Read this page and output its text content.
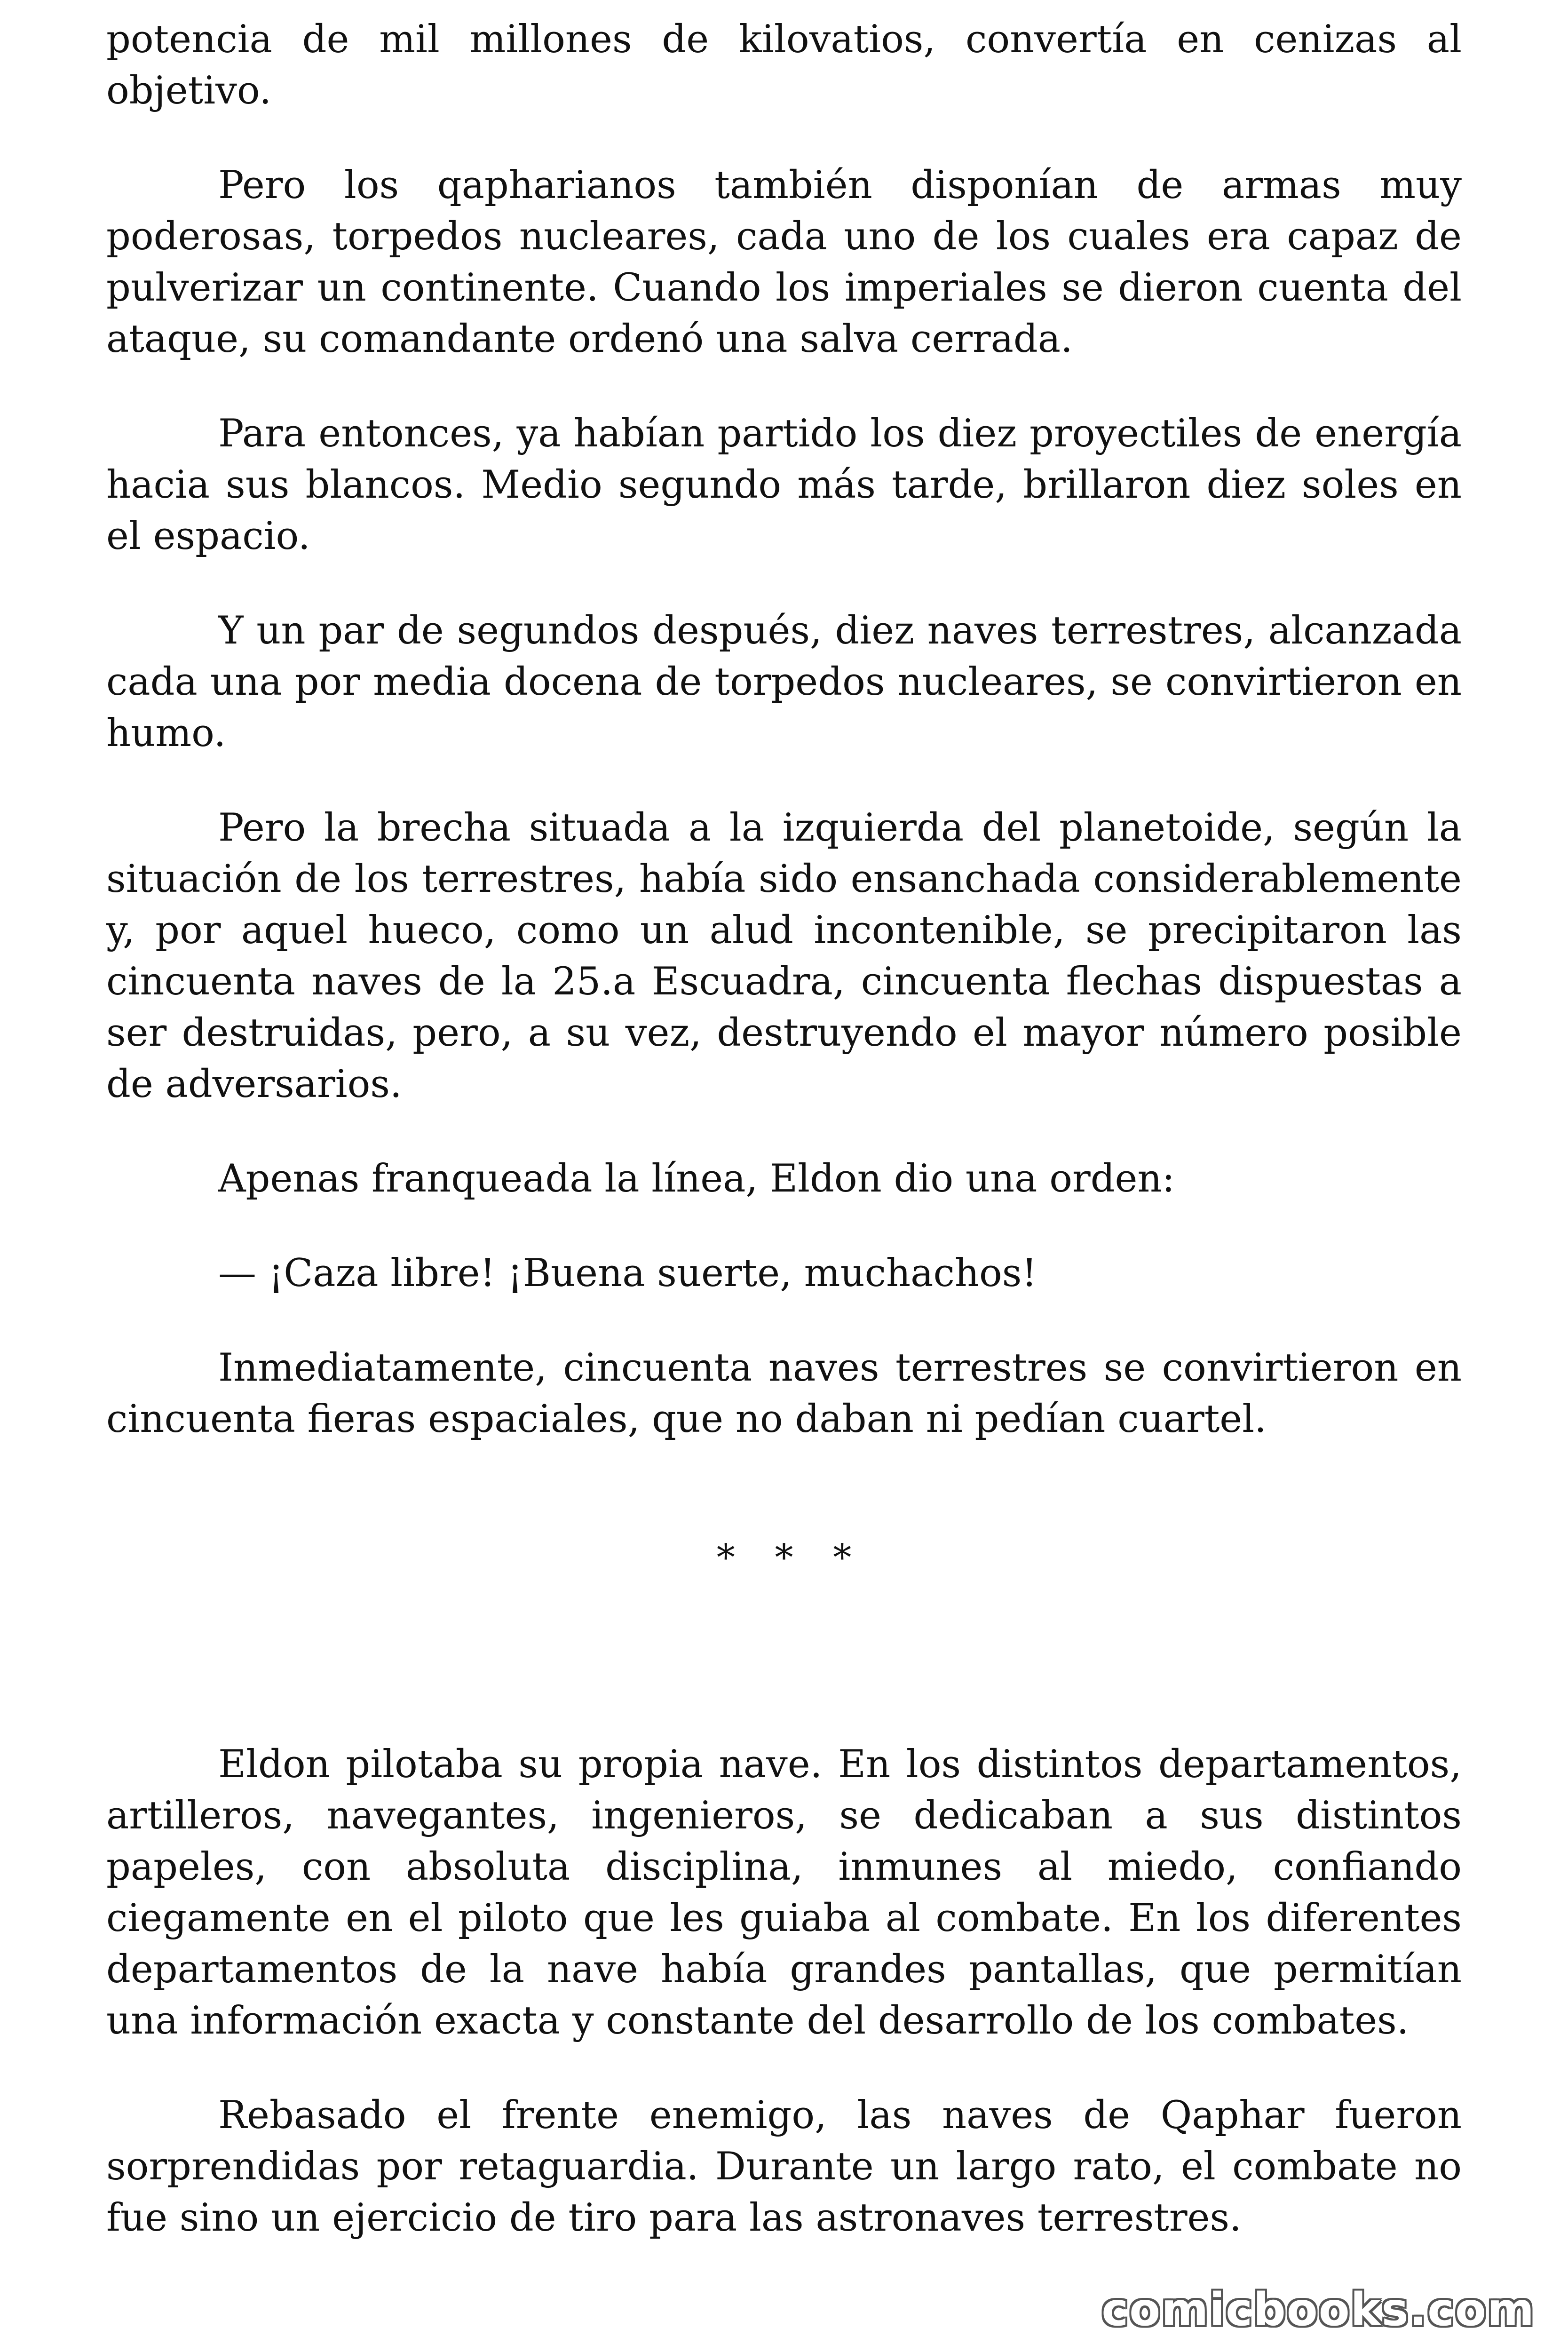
potencia de mil millones de kilovatios, convertía en cenizas al objetivo.

Pero los qapharianos también disponían de armas muy poderosas, torpedos nucleares, cada uno de los cuales era capaz de pulverizar un continente. Cuando los imperiales se dieron cuenta del ataque, su comandante ordenó una salva cerrada.

Para entonces, ya habían partido los diez proyectiles de energía hacia sus blancos. Medio segundo más tarde, brillaron diez soles en el espacio.

Y un par de segundos después, diez naves terrestres, alcanzada cada una por media docena de torpedos nucleares, se convirtieron en humo.

Pero la brecha situada a la izquierda del planetoide, según la situación de los terrestres, había sido ensanchada considerablemente y, por aquel hueco, como un alud incontenible, se precipitaron las cincuenta naves de la 25.a Escuadra, cincuenta flechas dispuestas a ser destruidas, pero, a su vez, destruyendo el mayor número posible de adversarios.

Apenas franqueada la línea, Eldon dio una orden:

— ¡Caza libre! ¡Buena suerte, muchachos!

Inmediatamente, cincuenta naves terrestres se convirtieron en cincuenta fieras espaciales, que no daban ni pedían cuartel.

* * *

Eldon pilotaba su propia nave. En los distintos departamentos, artilleros, navegantes, ingenieros, se dedicaban a sus distintos papeles, con absoluta disciplina, inmunes al miedo, confiando ciegamente en el piloto que les guiaba al combate. En los diferentes departamentos de la nave había grandes pantallas, que permitían una información exacta y constante del desarrollo de los combates.

Rebasado el frente enemigo, las naves de Qaphar fueron sorprendidas por retaguardia. Durante un largo rato, el combate no fue sino un ejercicio de tiro para las astronaves terrestres.

comicbooks.com
